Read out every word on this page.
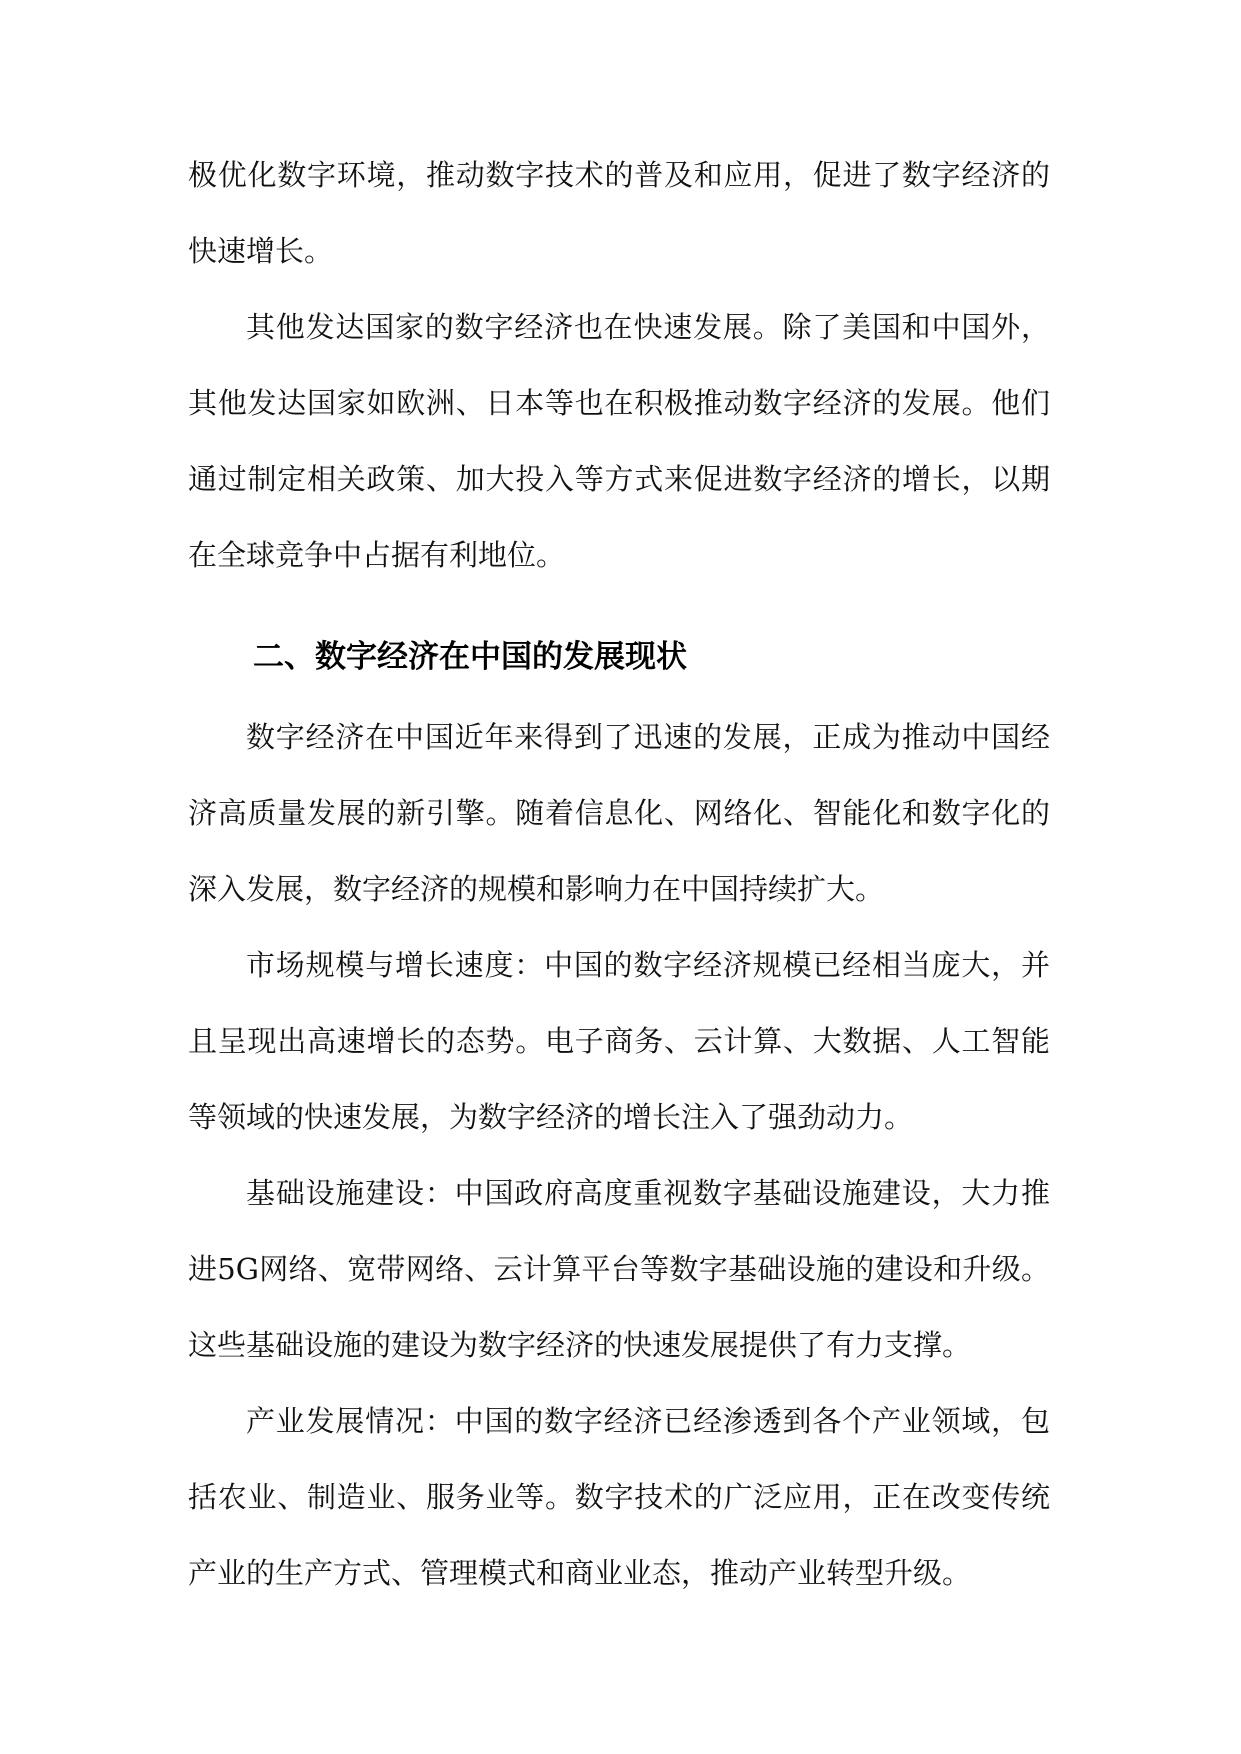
极优化数字环境，推动数字技术的普及和应用，促进了数字经济的快速增长。

其他发达国家的数字经济也在快速发展。除了美国和中国外，其他发达国家如欧洲、日本等也在积极推动数字经济的发展。他们通过制定相关政策、加大投入等方式来促进数字经济的增长，以期在全球竞争中占据有利地位。

二、数字经济在中国的发展现状

数字经济在中国近年来得到了迅速的发展，正成为推动中国经济高质量发展的新引擎。随着信息化、网络化、智能化和数字化的深入发展，数字经济的规模和影响力在中国持续扩大。

市场规模与增长速度：中国的数字经济规模已经相当庞大，并且呈现出高速增长的态势。电子商务、云计算、大数据、人工智能等领域的快速发展，为数字经济的增长注入了强劲动力。

基础设施建设：中国政府高度重视数字基础设施建设，大力推进5G网络、宽带网络、云计算平台等数字基础设施的建设和升级。这些基础设施的建设为数字经济的快速发展提供了有力支撑。

产业发展情况：中国的数字经济已经渗透到各个产业领域，包括农业、制造业、服务业等。数字技术的广泛应用，正在改变传统产业的生产方式、管理模式和商业业态，推动产业转型升级。
